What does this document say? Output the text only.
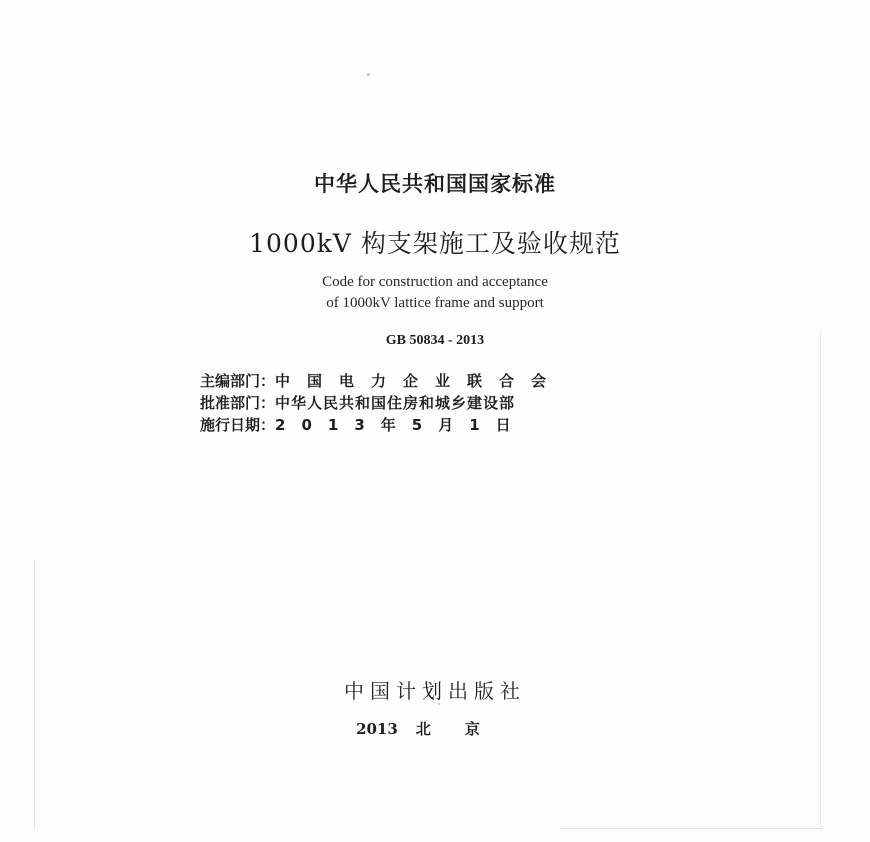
中华人民共和国国家标准
1000kV 构支架施工及验收规范
Code for construction and acceptance
of 1000kV lattice frame and support
GB 50834 - 2013
主编部门：中国电力企业联合会
批准部门：中华人民共和国住房和城乡建设部
施行日期：2013年5月1日
中国计划出版社
2013 北京
